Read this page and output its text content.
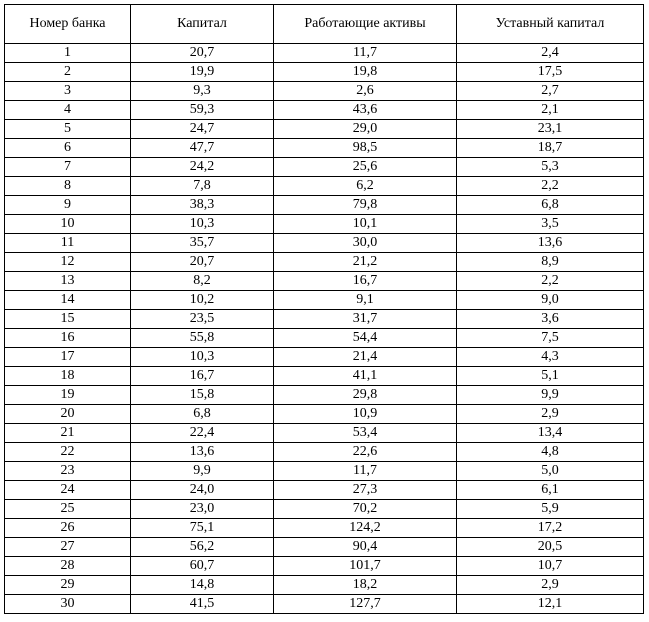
Номер банка	Капитал	Работающие активы	Уставный капитал
1	20,7	11,7	2,4
2	19,9	19,8	17,5
3	9,3	2,6	2,7
4	59,3	43,6	2,1
5	24,7	29,0	23,1
6	47,7	98,5	18,7
7	24,2	25,6	5,3
8	7,8	6,2	2,2
9	38,3	79,8	6,8
10	10,3	10,1	3,5
11	35,7	30,0	13,6
12	20,7	21,2	8,9
13	8,2	16,7	2,2
14	10,2	9,1	9,0
15	23,5	31,7	3,6
16	55,8	54,4	7,5
17	10,3	21,4	4,3
18	16,7	41,1	5,1
19	15,8	29,8	9,9
20	6,8	10,9	2,9
21	22,4	53,4	13,4
22	13,6	22,6	4,8
23	9,9	11,7	5,0
24	24,0	27,3	6,1
25	23,0	70,2	5,9
26	75,1	124,2	17,2
27	56,2	90,4	20,5
28	60,7	101,7	10,7
29	14,8	18,2	2,9
30	41,5	127,7	12,1
